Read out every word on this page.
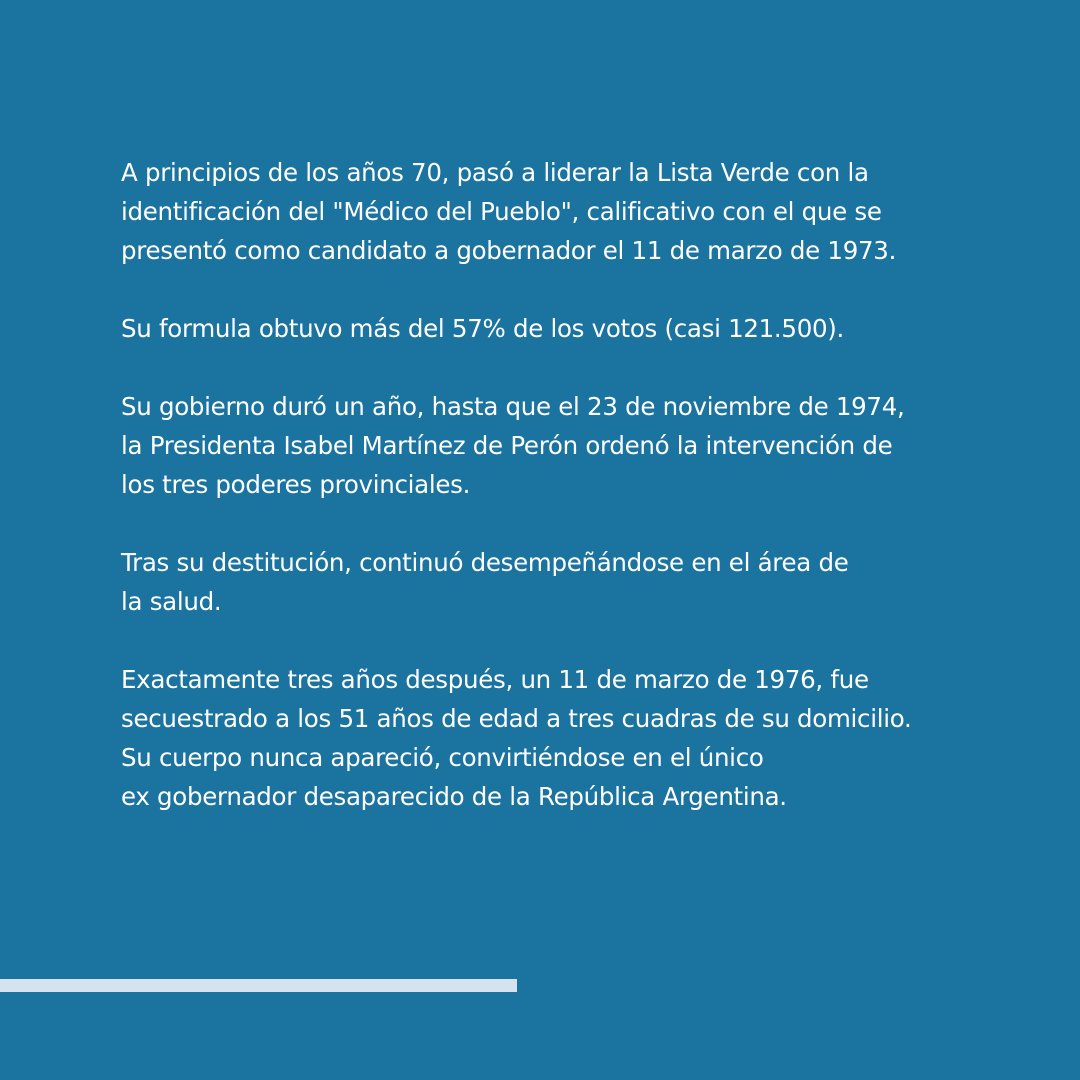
A principios de los años 70, pasó a liderar la Lista Verde con la
identificación del "Médico del Pueblo", calificativo con el que se
presentó como candidato a gobernador el 11 de marzo de 1973.

Su formula obtuvo más del 57% de los votos (casi 121.500).

Su gobierno duró un año, hasta que el 23 de noviembre de 1974,
la Presidenta Isabel Martínez de Perón ordenó la intervención de
los tres poderes provinciales.

Tras su destitución, continuó desempeñándose en el área de
la salud.

Exactamente tres años después, un 11 de marzo de 1976, fue
secuestrado a los 51 años de edad a tres cuadras de su domicilio.
Su cuerpo nunca apareció, convirtiéndose en el único
ex gobernador desaparecido de la República Argentina.
